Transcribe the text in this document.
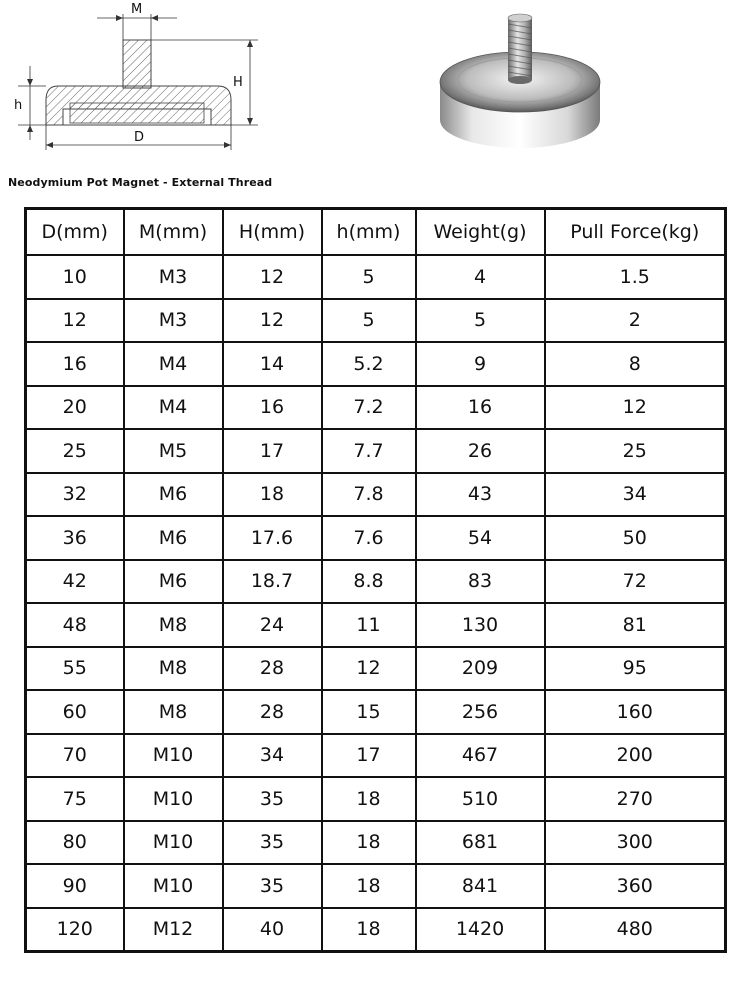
M
H
h
D
Neodymium Pot Magnet - External Thread
D(mm)	M(mm)	H(mm)	h(mm)	Weight(g)	Pull Force(kg)
10	M3	12	5	4	1.5
12	M3	12	5	5	2
16	M4	14	5.2	9	8
20	M4	16	7.2	16	12
25	M5	17	7.7	26	25
32	M6	18	7.8	43	34
36	M6	17.6	7.6	54	50
42	M6	18.7	8.8	83	72
48	M8	24	11	130	81
55	M8	28	12	209	95
60	M8	28	15	256	160
70	M10	34	17	467	200
75	M10	35	18	510	270
80	M10	35	18	681	300
90	M10	35	18	841	360
120	M12	40	18	1420	480
